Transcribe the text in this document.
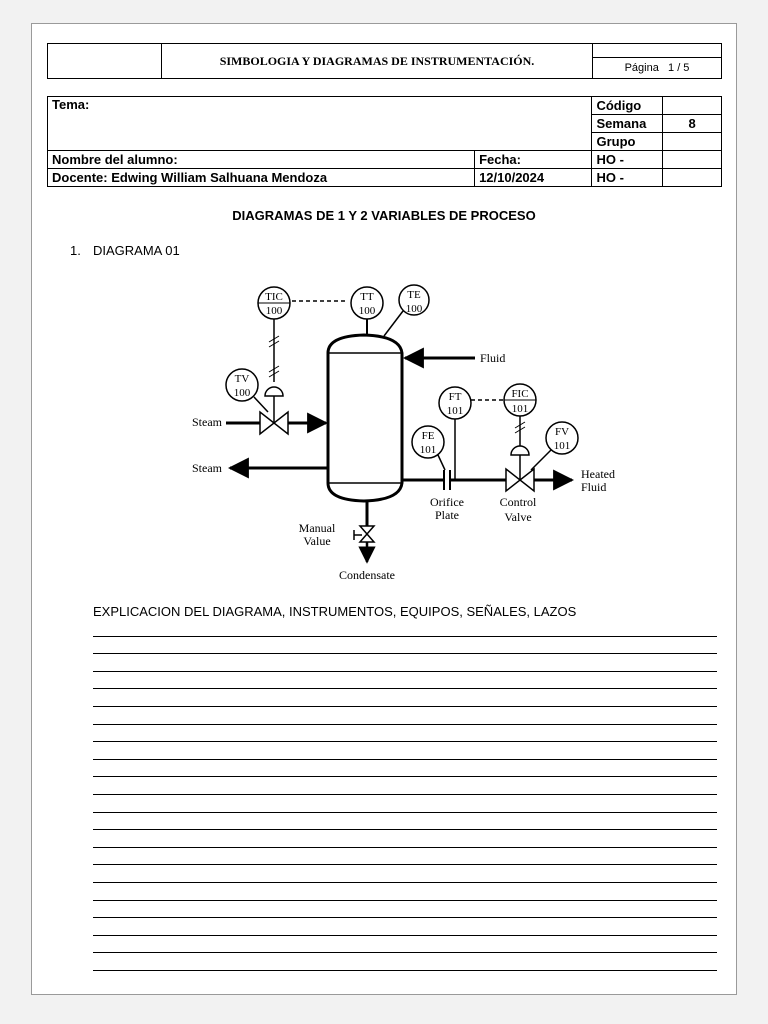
	SIMBOLOGIA Y DIAGRAMAS DE INSTRUMENTACIÓN.	
Página 1 / 5
Tema:		Código	
		Semana	8
		Grupo	
Nombre del alumno:	Fecha:	HO -	
Docente: Edwing William Salhuana Mendoza	12/10/2024	HO -	
DIAGRAMAS DE 1 Y 2 VARIABLES DE PROCESO
1. DIAGRAMA 01
Fluid
TIC
100
TT
100
TE
100
TV
100
Steam
Steam
FIC
101
FT
101
FE
101
FV
101
Orifice
Plate
Control
Valve
Heated
Fluid
Manual
Value
Condensate
EXPLICACION DEL DIAGRAMA, INSTRUMENTOS, EQUIPOS, SEÑALES, LAZOS
